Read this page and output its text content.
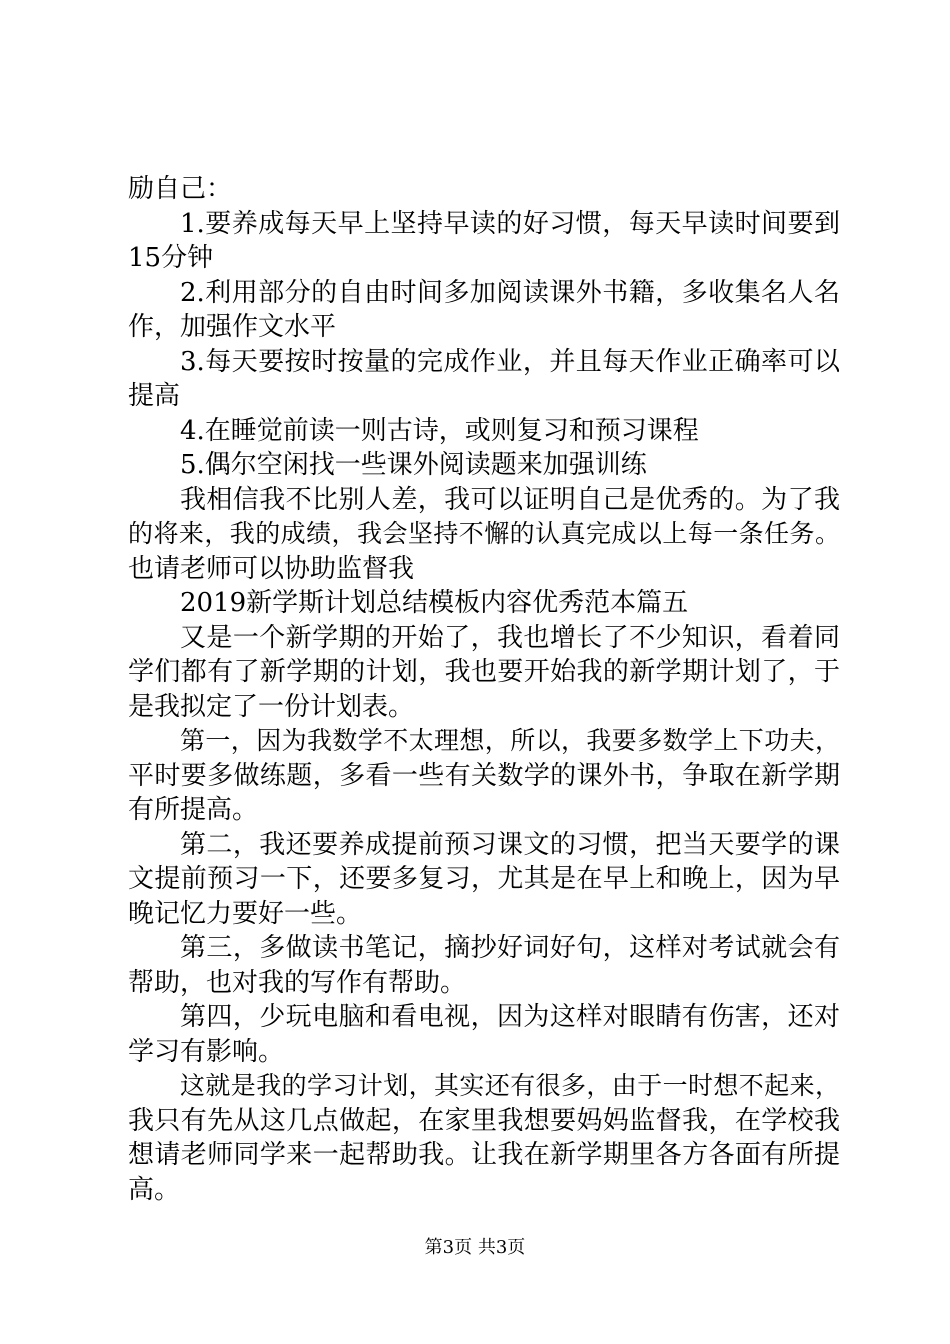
励自己：
1.要养成每天早上坚持早读的好习惯，每天早读时间要到
15分钟
2.利用部分的自由时间多加阅读课外书籍，多收集名人名
作，加强作文水平
3.每天要按时按量的完成作业，并且每天作业正确率可以
提高
4.在睡觉前读一则古诗，或则复习和预习课程
5.偶尔空闲找一些课外阅读题来加强训练
我相信我不比别人差，我可以证明自己是优秀的。为了我
的将来，我的成绩，我会坚持不懈的认真完成以上每一条任务。
也请老师可以协助监督我
2019新学斯计划总结模板内容优秀范本篇五
又是一个新学期的开始了，我也增长了不少知识，看着同
学们都有了新学期的计划，我也要开始我的新学期计划了，于
是我拟定了一份计划表。
第一，因为我数学不太理想，所以，我要多数学上下功夫，
平时要多做练题，多看一些有关数学的课外书，争取在新学期
有所提高。
第二，我还要养成提前预习课文的习惯，把当天要学的课
文提前预习一下，还要多复习，尤其是在早上和晚上，因为早
晚记忆力要好一些。
第三，多做读书笔记，摘抄好词好句，这样对考试就会有
帮助，也对我的写作有帮助。
第四，少玩电脑和看电视，因为这样对眼睛有伤害，还对
学习有影响。
这就是我的学习计划，其实还有很多，由于一时想不起来，
我只有先从这几点做起，在家里我想要妈妈监督我，在学校我
想请老师同学来一起帮助我。让我在新学期里各方各面有所提
高。
第3页 共3页
